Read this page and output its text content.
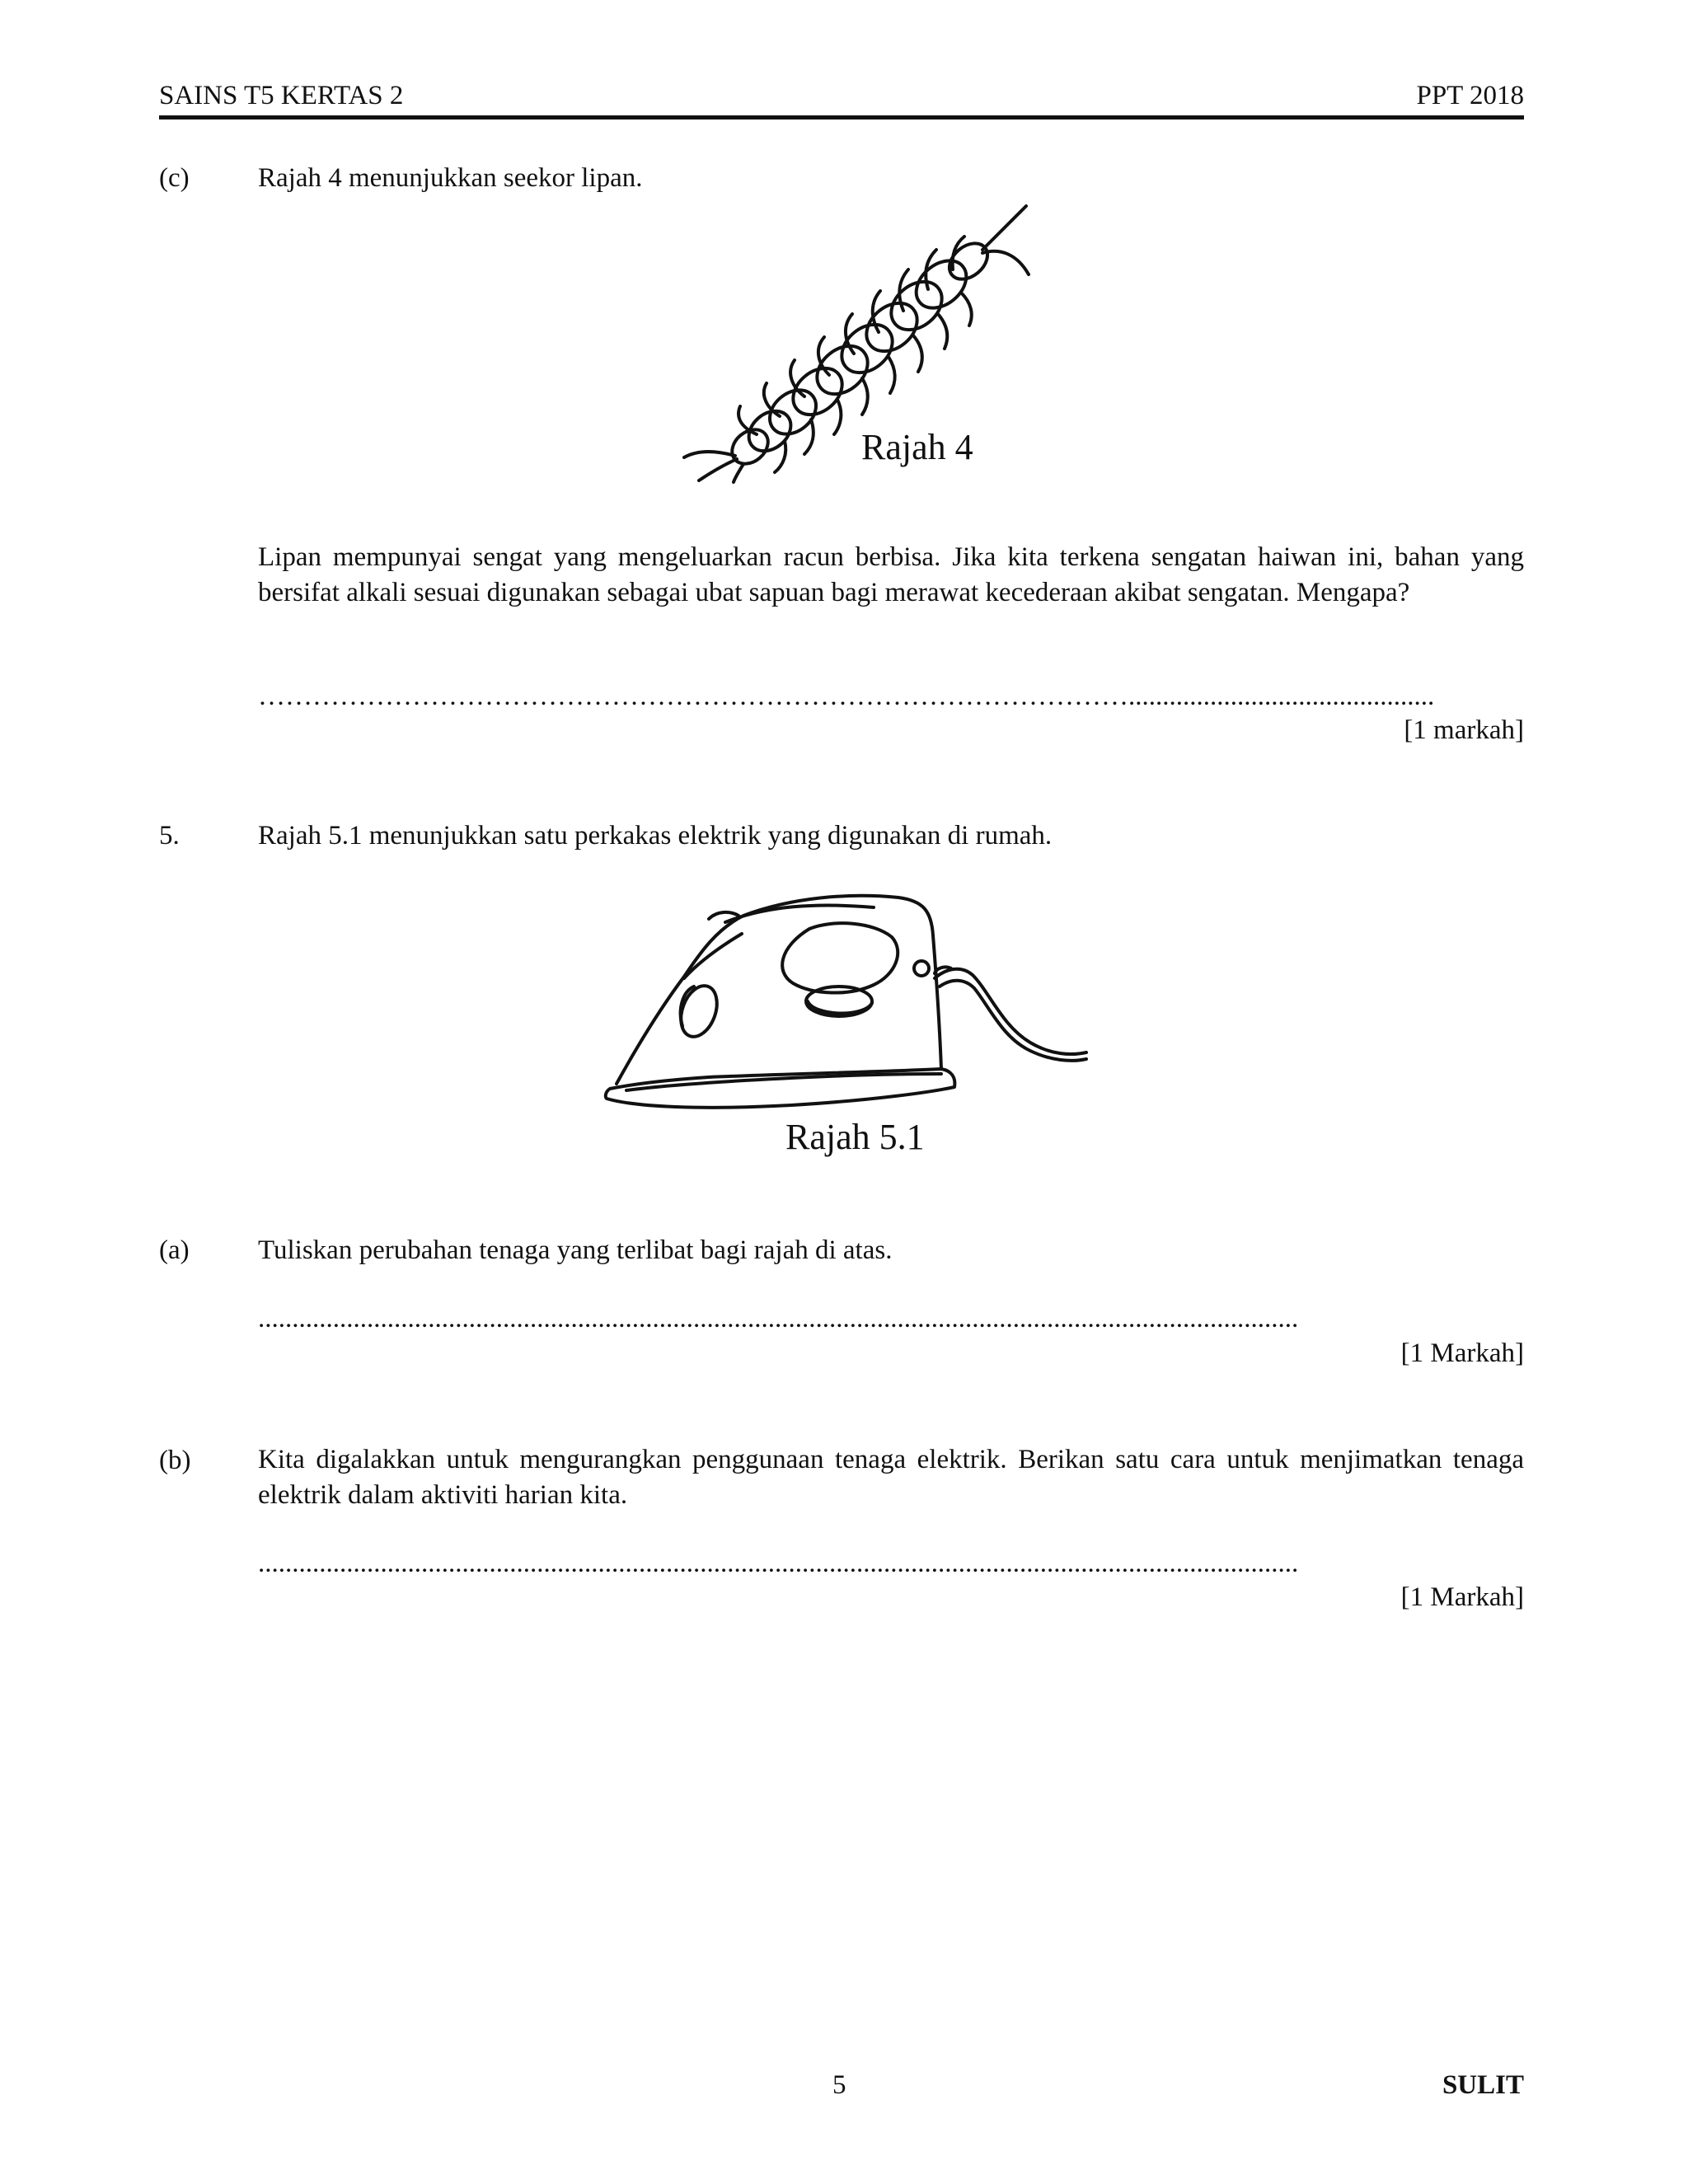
SAINS T5 KERTAS 2	PPT 2018
(c)	Rajah 4 menunjukkan seekor lipan.
Rajah 4
Lipan mempunyai sengat yang mengeluarkan racun berbisa. Jika kita terkena sengatan haiwan ini, bahan yang bersifat alkali sesuai digunakan sebagai ubat sapuan bagi merawat kecederaan akibat sengatan. Mengapa?
…………………………………………………………………………………….............................................
[1 markah]
5.	Rajah 5.1 menunjukkan satu perkakas elektrik yang digunakan di rumah.
Rajah 5.1
(a)	Tuliskan perubahan tenaga yang terlibat bagi rajah di atas.
.........................................................................................................................................................
[1 Markah]
(b) Kita digalakkan untuk mengurangkan penggunaan tenaga elektrik. Berikan satu cara untuk menjimatkan tenaga elektrik dalam aktiviti harian kita.
.........................................................................................................................................................
[1 Markah]
5	SULIT
